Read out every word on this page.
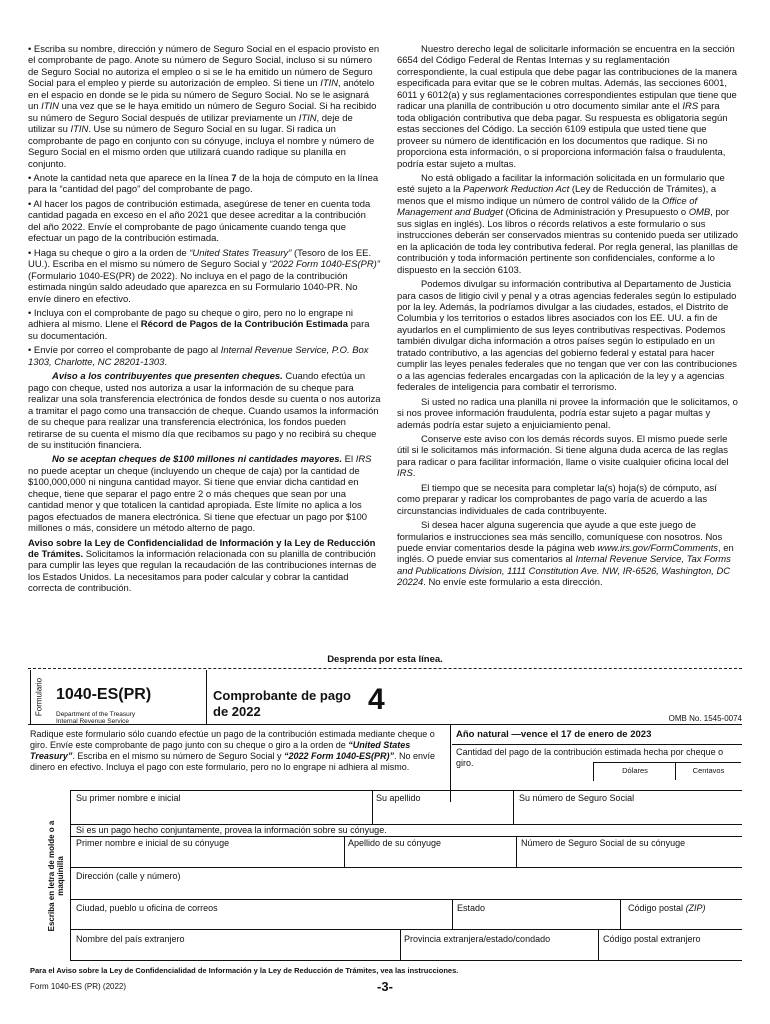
• Escriba su nombre, dirección y número de Seguro Social en el espacio provisto en el comprobante de pago. Anote su número de Seguro Social, incluso si su número de Seguro Social no autoriza el empleo o si se le ha emitido un número de Seguro Social para el empleo y pierde su autorización de empleo. Si tiene un ITIN, anótelo en el espacio en donde se le pida su número de Seguro Social. No se le asignará un ITIN una vez que se le haya emitido un número de Seguro Social. Si ha recibido su número de Seguro Social después de utilizar previamente un ITIN, deje de utilizar su ITIN. Use su número de Seguro Social en su lugar. Si radica un comprobante de pago en conjunto con su cónyuge, incluya el nombre y número de Seguro Social en el mismo orden que utilizará cuando radique su planilla en conjunto.

• Anote la cantidad neta que aparece en la línea 7 de la hoja de cómputo en la línea para la “cantidad del pago” del comprobante de pago.

• Al hacer los pagos de contribución estimada, asegúrese de tener en cuenta toda cantidad pagada en exceso en el año 2021 que desee acreditar a la contribución del año 2022. Envíe el comprobante de pago únicamente cuando tenga que efectuar un pago de la contribución estimada.

• Haga su cheque o giro a la orden de “United States Treasury” (Tesoro de los EE. UU.). Escriba en el mismo su número de Seguro Social y “2022 Form 1040-ES(PR)” (Formulario 1040-ES(PR) de 2022). No incluya en el pago de la contribución estimada ningún saldo adeudado que aparezca en su Formulario 1040-PR. No envíe dinero en efectivo.

• Incluya con el comprobante de pago su cheque o giro, pero no lo engrape ni adhiera al mismo. Llene el Récord de Pagos de la Contribución Estimada para su documentación.

• Envíe por correo el comprobante de pago al Internal Revenue Service, P.O. Box 1303, Charlotte, NC 28201-1303.

Aviso a los contribuyentes que presenten cheques. Cuando efectúa un pago con cheque, usted nos autoriza a usar la información de su cheque para realizar una sola transferencia electrónica de fondos desde su cuenta o nos autoriza a tramitar el pago como una transacción de cheque. Cuando usamos la información de su cheque para realizar una transferencia electrónica, los fondos pueden retirarse de su cuenta el mismo día que recibamos su pago y no recibirá su cheque de su institución financiera.

No se aceptan cheques de $100 millones ni cantidades mayores. El IRS no puede aceptar un cheque (incluyendo un cheque de caja) por la cantidad de $100,000,000 ni ninguna cantidad mayor. Si tiene que enviar dicha cantidad en cheque, tiene que separar el pago entre 2 o más cheques que sean por una cantidad menor y que totalicen la cantidad apropiada. Este límite no aplica a los pagos efectuados de manera electrónica. Si tiene que efectuar un pago por $100 millones o más, considere un método alterno de pago.

Aviso sobre la Ley de Confidencialidad de Información y la Ley de Reducción de Trámites. Solicitamos la información relacionada con su planilla de contribución para cumplir las leyes que regulan la recaudación de las contribuciones internas de los Estados Unidos. La necesitamos para poder calcular y cobrar la cantidad correcta de contribución.

Nuestro derecho legal de solicitarle información se encuentra en la sección 6654 del Código Federal de Rentas Internas y su reglamentación correspondiente, la cual estipula que debe pagar las contribuciones de la manera especificada para evitar que se le cobren multas. Además, las secciones 6001, 6011 y 6012(a) y sus reglamentaciones correspondientes estipulan que tiene que radicar una planilla de contribución u otro documento similar ante el IRS para toda obligación contributiva que deba pagar. Su respuesta es obligatoria según estas secciones del Código. La sección 6109 estipula que usted tiene que proveer su número de identificación en los documentos que radique. Si no proporciona esta información, o si proporciona información falsa o fraudulenta, podría estar sujeto a multas.

No está obligado a facilitar la información solicitada en un formulario que esté sujeto a la Paperwork Reduction Act (Ley de Reducción de Trámites), a menos que el mismo indique un número de control válido de la Office of Management and Budget (Oficina de Administración y Presupuesto o OMB, por sus siglas en inglés). Los libros o récords relativos a este formulario o sus instrucciones deberán ser conservados mientras su contenido pueda ser utilizado en la aplicación de toda ley contributiva federal. Por regla general, las planillas de contribución y toda información pertinente son confidenciales, conforme a lo dispuesto en la sección 6103.

Podemos divulgar su información contributiva al Departamento de Justicia para casos de litigio civil y penal y a otras agencias federales según lo estipulado por la ley. Además, la podríamos divulgar a las ciudades, estados, el Distrito de Columbia y los territorios o estados libres asociados con los EE. UU. a fin de ayudarlos en el cumplimiento de sus leyes contributivas respectivas. Podemos también divulgar dicha información a otros países según lo estipulado en un tratado contributivo, a las agencias del gobierno federal y estatal para hacer cumplir las leyes penales federales que no tengan que ver con las contribuciones o a las agencias federales encargadas con la aplicación de la ley y a agencias federales de inteligencia para combatir el terrorismo.

Si usted no radica una planilla ni provee la información que le solicitamos, o si nos provee información fraudulenta, podría estar sujeto a pagar multas y además podría estar sujeto a enjuiciamiento penal.

Conserve este aviso con los demás récords suyos. El mismo puede serle útil si le solicitamos más información. Si tiene alguna duda acerca de las reglas para radicar o para facilitar información, llame o visite cualquier oficina local del IRS.

El tiempo que se necesita para completar la(s) hoja(s) de cómputo, así como preparar y radicar los comprobantes de pago varía de acuerdo a las circunstancias individuales de cada contribuyente.

Si desea hacer alguna sugerencia que ayude a que este juego de formularios e instrucciones sea más sencillo, comuníquese con nosotros. Nos puede enviar comentarios desde la página web www.irs.gov/FormComments, en inglés. O puede enviar sus comentarios al Internal Revenue Service, Tax Forms and Publications Division, 1111 Constitution Ave. NW, IR-6526, Washington, DC 20224. No envíe este formulario a esta dirección.

Desprenda por esta línea.
Formulario 1040-ES(PR)
Department of the Treasury
Internal Revenue Service
Comprobante de pago
de 2022	4
OMB No. 1545-0074
Radique este formulario sólo cuando efectúe un pago de la contribución estimada mediante cheque o giro. Envíe este comprobante de pago junto con su cheque o giro a la orden de “United States Treasury”. Escriba en el mismo su número de Seguro Social y “2022 Form 1040-ES(PR)”. No envíe dinero en efectivo. Incluya el pago con este formulario, pero no lo engrape ni adhiera al mismo.
Año natural —vence el 17 de enero de 2023
Cantidad del pago de la contribución estimada hecha por cheque o giro.
Dólares	Centavos
Escriba en letra de molde o a maquinilla
Su primer nombre e inicial	Su apellido	Su número de Seguro Social
Si es un pago hecho conjuntamente, provea la información sobre su cónyuge.
Primer nombre e inicial de su cónyuge	Apellido de su cónyuge	Número de Seguro Social de su cónyuge
Dirección (calle y número)
Ciudad, pueblo u oficina de correos	Estado	Código postal (ZIP)
Nombre del país extranjero	Provincia extranjera/estado/condado	Código postal extranjero
Para el Aviso sobre la Ley de Confidencialidad de Información y la Ley de Reducción de Trámites, vea las instrucciones.
Form 1040-ES (PR) (2022)	-3-
